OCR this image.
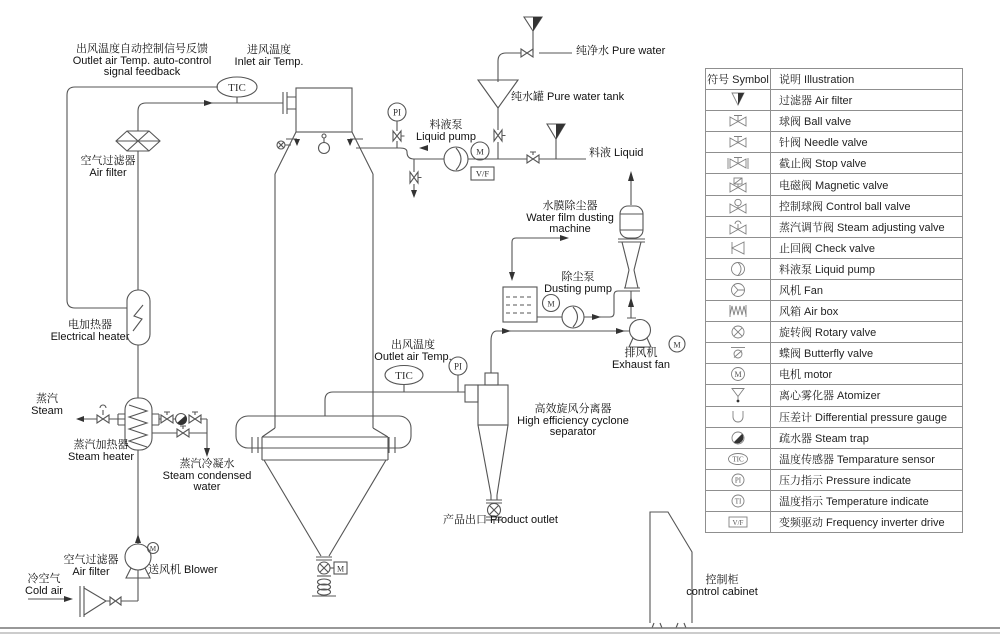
TIC
M
M
PI
M
V/F
M
M
TIC
PI
出风温度自动控制信号反馈
Outlet air Temp. auto-control
signal feedback
进风温度
Inlet air Temp.
空气过滤器
Air filter
电加热器
Electrical heater
蒸汽
Steam
蒸汽加热器
Steam heater
蒸汽冷凝水
Steam condensed
water
空气过滤器
Air filter
冷空气
Cold air
送风机 Blower
料液泵
Liquid pump
纯净水 Pure water
纯水罐 Pure water tank
料液 Liquid
水膜除尘器
Water film dusting
machine
除尘泵
Dusting pump
排风机
Exhaust fan
出风温度
Outlet air Temp.
高效旋风分离器
High efficiency cyclone
separator
产品出口 Product outlet
控制柜
control cabinet
符号 Symbol	说明 Illustration

	过滤器 Air filter

	球阀 Ball valve

	针阀 Needle valve

	截止阀 Stop valve

	电磁阀 Magnetic valve

	控制球阀 Control ball valve

	蒸汽调节阀 Steam adjusting valve

	止回阀 Check valve

	料液泵 Liquid pump

	风机 Fan

	风箱 Air box

	旋转阀 Rotary valve

	蝶阀 Butterfly valve

M	电机 motor

	离心雾化器 Atomizer

	压差计 Differential pressure gauge

	疏水器 Steam trap

TIC	温度传感器 Temparature sensor

PI	压力指示 Pressure indicate

TI	温度指示 Temperature indicate

V/F	变频驱动 Frequency inverter drive
